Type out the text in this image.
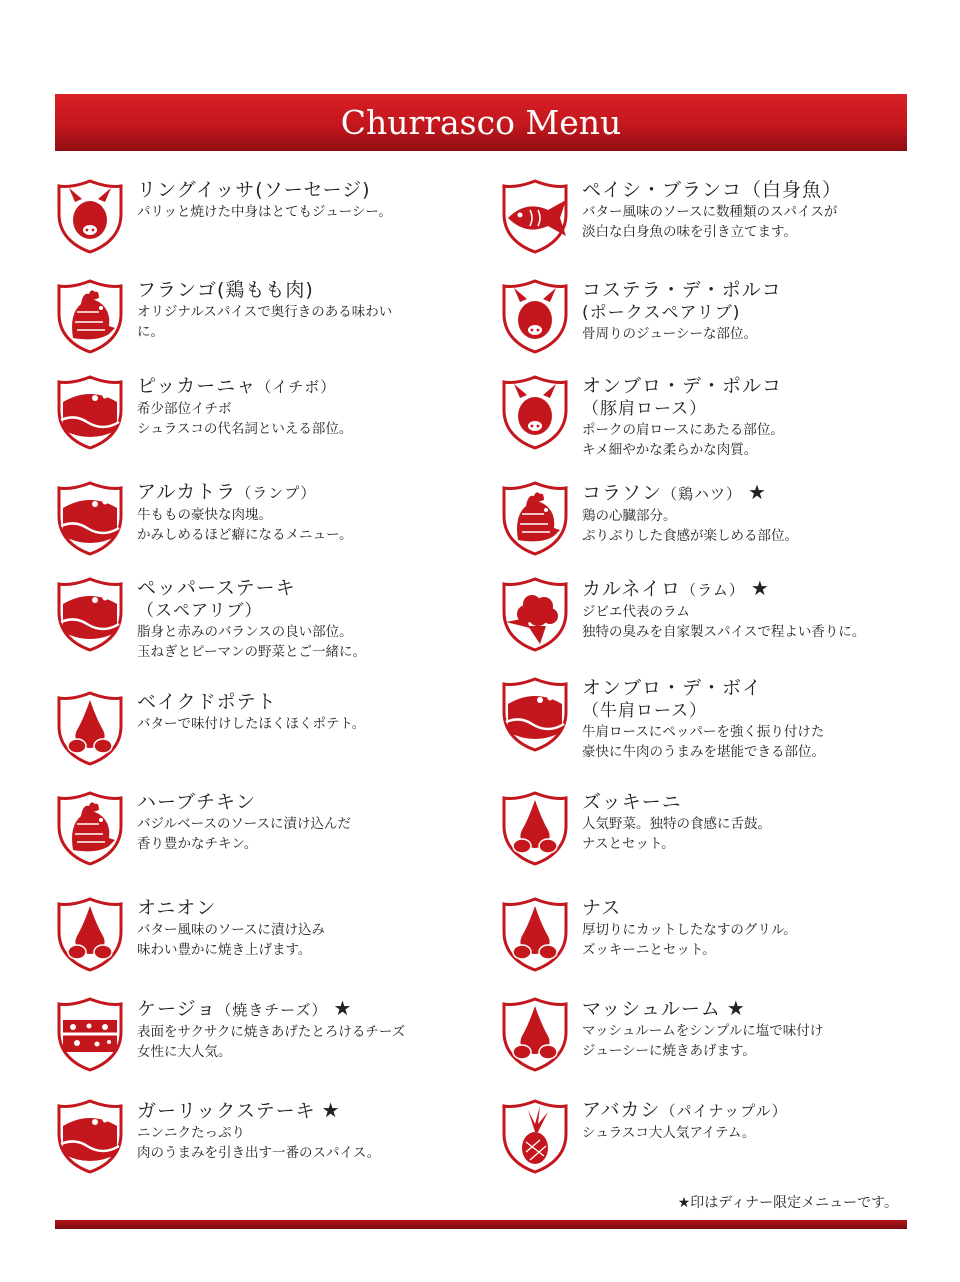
Churrasco Menu
リングイッサ(ソーセージ)
パリッと焼けた中身はとてもジューシー。
フランゴ(鶏もも肉)
オリジナルスパイスで奥行きのある味わい
に。
ピッカーニャ（イチボ）
希少部位イチボ
シュラスコの代名詞といえる部位。
アルカトラ（ランプ）
牛ももの豪快な肉塊。
かみしめるほど癖になるメニュー。
ペッパーステーキ
（スペアリブ）
脂身と赤みのバランスの良い部位。
玉ねぎとピーマンの野菜とご一緒に。
ベイクドポテト
バターで味付けしたほくほくポテト。
ハーブチキン
バジルベースのソースに漬け込んだ
香り豊かなチキン。
オニオン
バター風味のソースに漬け込み
味わい豊かに焼き上げます。
ケージョ（焼きチーズ） ★
表面をサクサクに焼きあげたとろけるチーズ
女性に大人気。
ガーリックステーキ ★
ニンニクたっぷり
肉のうまみを引き出す一番のスパイス。
ペイシ・ブランコ（白身魚）
バター風味のソースに数種類のスパイスが
淡白な白身魚の味を引き立てます。
コステラ・デ・ポルコ
(ポークスペアリブ)
骨周りのジューシーな部位。
オンブロ・デ・ポルコ
（豚肩ロース）
ポークの肩ロースにあたる部位。
キメ細やかな柔らかな肉質。
コラソン（鶏ハツ） ★
鶏の心臓部分。
ぷりぷりした食感が楽しめる部位。
カルネイロ（ラム） ★
ジビエ代表のラム
独特の臭みを自家製スパイスで程よい香りに。
オンブロ・デ・ボイ
（牛肩ロース）
牛肩ロースにペッパーを強く振り付けた
豪快に牛肉のうまみを堪能できる部位。
ズッキーニ
人気野菜。独特の食感に舌鼓。
ナスとセット。
ナス
厚切りにカットしたなすのグリル。
ズッキーニとセット。
マッシュルーム ★
マッシュルームをシンプルに塩で味付け
ジューシーに焼きあげます。
アバカシ（パイナップル）
シュラスコ大人気アイテム。
★印はディナー限定メニューです。
